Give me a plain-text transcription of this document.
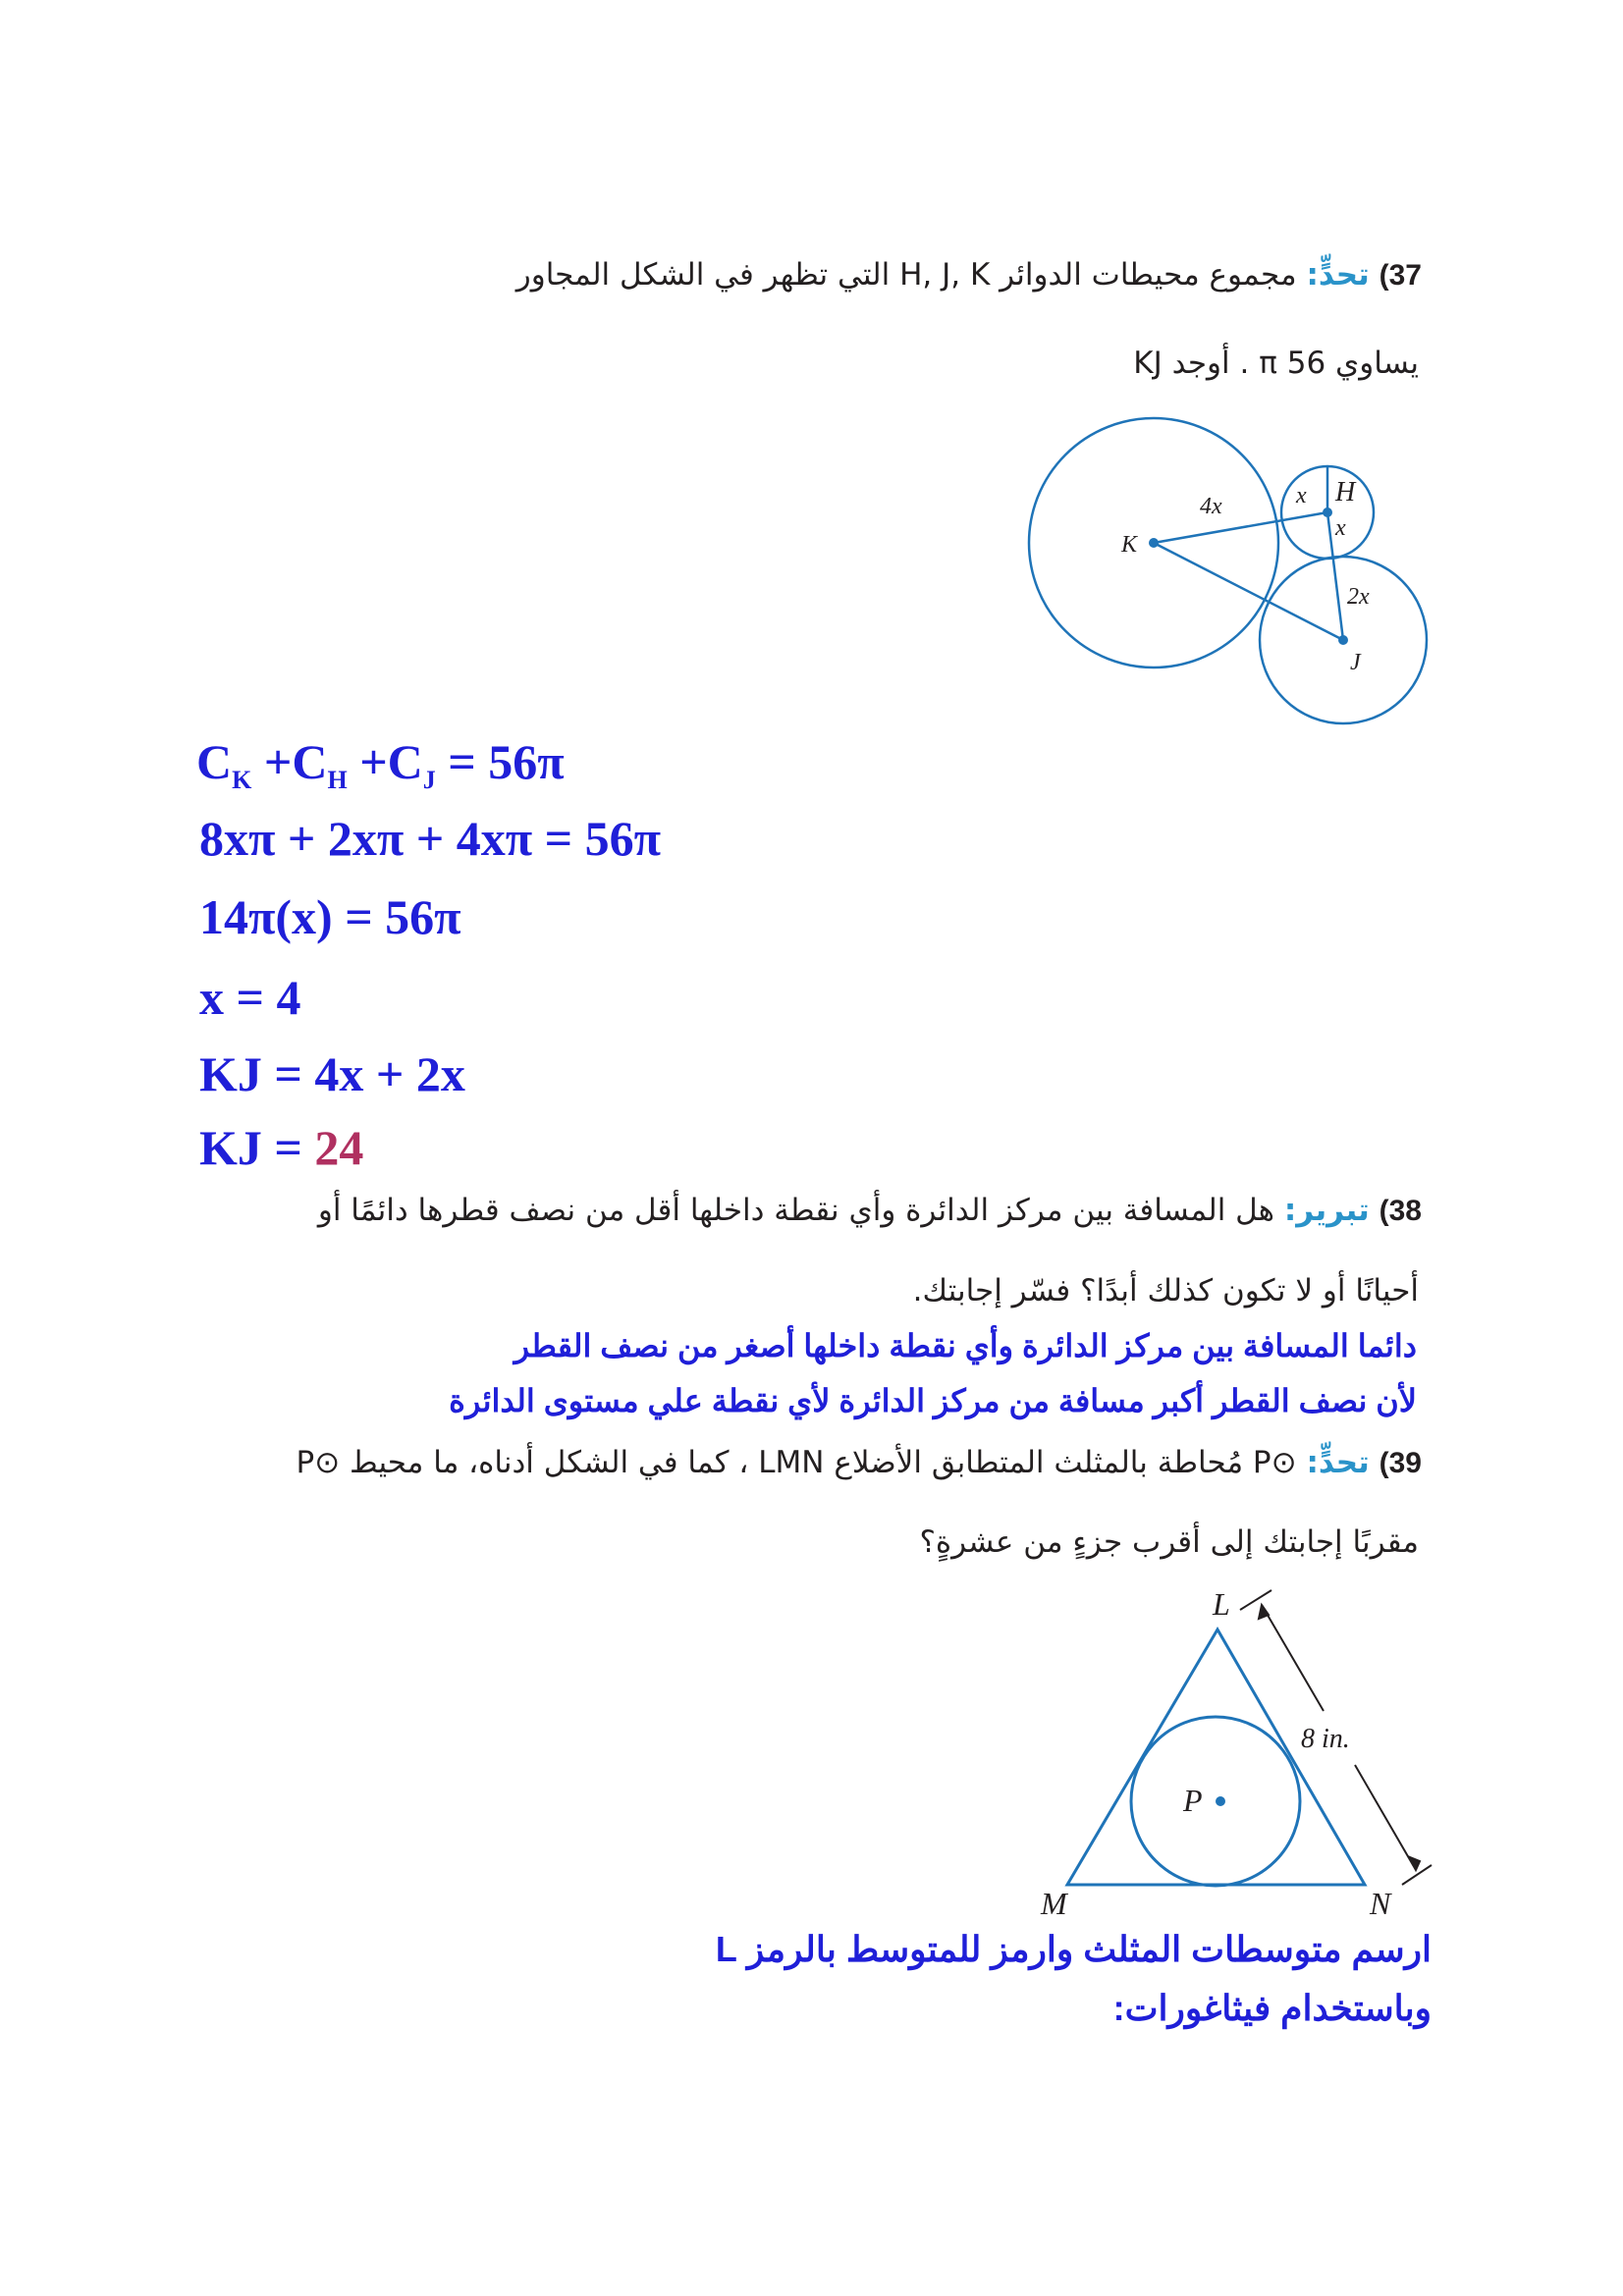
37) تحدٍّ: مجموع محيطات الدوائر H, J, K التي تظهر في الشكل المجاور
يساوي π 56 . أوجد KJ
K
H
J
4x	x
x
2x
$C_K +C_H +C_J = 56\pi$
8xπ + 2xπ + 4xπ = 56π
14π(x) = 56π
x = 4
KJ = 4x + 2x
KJ = 24
38) تبرير: هل المسافة بين مركز الدائرة وأي نقطة داخلها أقل من نصف قطرها دائمًا أو
أحيانًا أو لا تكون كذلك أبدًا؟ فسّر إجابتك.
دائما المسافة بين مركز الدائرة وأي نقطة داخلها أصغر من نصف القطر
لأن نصف القطر أكبر مسافة من مركز الدائرة لأي نقطة علي مستوى الدائرة
39) تحدٍّ: ⊙P مُحاطة بالمثلث المتطابق الأضلاع LMN ، كما في الشكل أدناه، ما محيط ⊙P
مقربًا إجابتك إلى أقرب جزءٍ من عشرةٍ؟
L
M	N
P
8 in.
ارسم متوسطات المثلث وارمز للمتوسط بالرمز L
وباستخدام فيثاغورات:
